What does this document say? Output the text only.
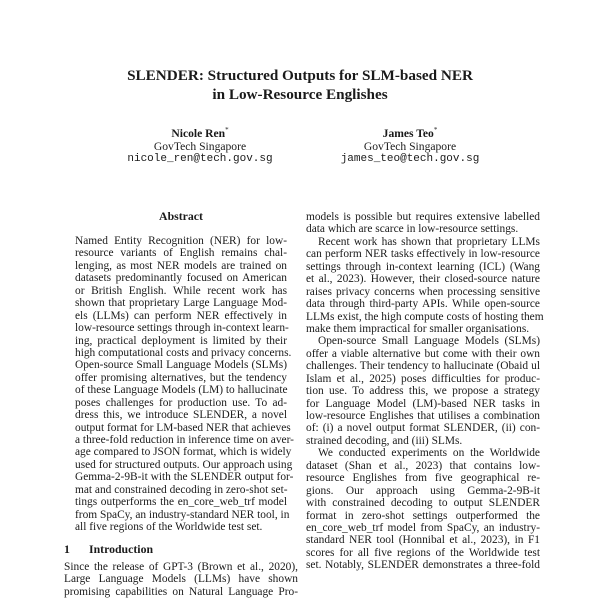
SLENDER: Structured Outputs for SLM-based NER
in Low-Resource Englishes
Nicole Ren*
GovTech Singapore
nicole_ren@tech.gov.sg
James Teo*
GovTech Singapore
james_teo@tech.gov.sg
Abstract
Named Entity Recognition (NER) for low-
resource variants of English remains chal-
lenging, as most NER models are trained on
datasets predominantly focused on American
or British English. While recent work has
shown that proprietary Large Language Mod-
els (LLMs) can perform NER effectively in
low-resource settings through in-context learn-
ing, practical deployment is limited by their
high computational costs and privacy concerns.
Open-source Small Language Models (SLMs)
offer promising alternatives, but the tendency
of these Language Models (LM) to hallucinate
poses challenges for production use. To ad-
dress this, we introduce SLENDER, a novel
output format for LM-based NER that achieves
a three-fold reduction in inference time on aver-
age compared to JSON format, which is widely
used for structured outputs. Our approach using
Gemma-2-9B-it with the SLENDER output for-
mat and constrained decoding in zero-shot set-
tings outperforms the en_core_web_trf model
from SpaCy, an industry-standard NER tool, in
all five regions of the Worldwide test set.
1 Introduction
Since the release of GPT-3 (Brown et al., 2020),
Large Language Models (LLMs) have shown
promising capabilities on Natural Language Pro-
models is possible but requires extensive labelled
data which are scarce in low-resource settings.
Recent work has shown that proprietary LLMs
can perform NER tasks effectively in low-resource
settings through in-context learning (ICL) (Wang
et al., 2023). However, their closed-source nature
raises privacy concerns when processing sensitive
data through third-party APIs. While open-source
LLMs exist, the high compute costs of hosting them
make them impractical for smaller organisations.
Open-source Small Language Models (SLMs)
offer a viable alternative but come with their own
challenges. Their tendency to hallucinate (Obaid ul
Islam et al., 2025) poses difficulties for produc-
tion use. To address this, we propose a strategy
for Language Model (LM)-based NER tasks in
low-resource Englishes that utilises a combination
of: (i) a novel output format SLENDER, (ii) con-
strained decoding, and (iii) SLMs.
We conducted experiments on the Worldwide
dataset (Shan et al., 2023) that contains low-
resource Englishes from five geographical re-
gions. Our approach using Gemma-2-9B-it
with constrained decoding to output SLENDER
format in zero-shot settings outperformed the
en_core_web_trf model from SpaCy, an industry-
standard NER tool (Honnibal et al., 2023), in F1
scores for all five regions of the Worldwide test
set. Notably, SLENDER demonstrates a three-fold
